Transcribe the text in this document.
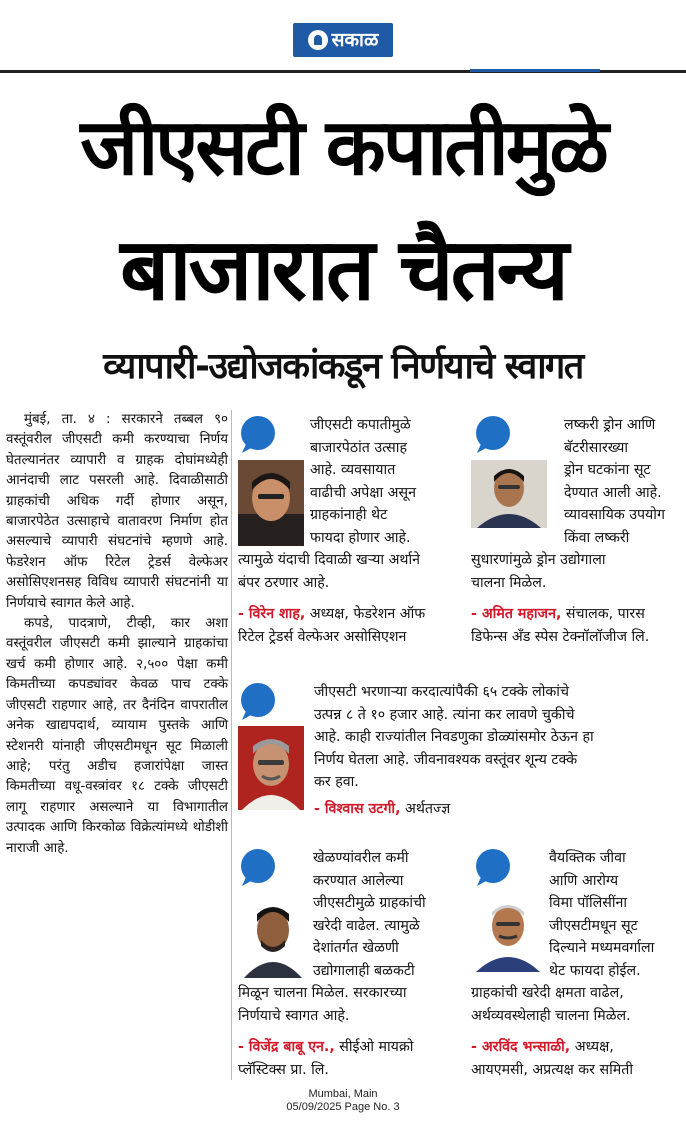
सकाळ
जीएसटी कपातीमुळे
बाजारात चैतन्य
व्यापारी-उद्योजकांकडून निर्णयाचे स्वागत

मुंबई, ता. ४ : सरकारने तब्बल ९० वस्तूंवरील जीएसटी कमी करण्याचा निर्णय घेतल्यानंतर व्यापारी व ग्राहक दोघांमध्येही आनंदाची लाट पसरली आहे. दिवाळीसाठी ग्राहकांची अधिक गर्दी होणार असून, बाजारपेठेत उत्साहाचे वातावरण निर्माण होत असल्याचे व्यापारी संघटनांचे म्हणणे आहे. फेडरेशन ऑफ रिटेल ट्रेडर्स वेल्फेअर असोसिएशनसह विविध व्यापारी संघटनांनी या निर्णयाचे स्वागत केले आहे.

कपडे, पादत्राणे, टीव्ही, कार अशा वस्तूंवरील जीएसटी कमी झाल्याने ग्राहकांचा खर्च कमी होणार आहे. २,५०० पेक्षा कमी किमतीच्या कपड्यांवर केवळ पाच टक्के जीएसटी राहणार आहे, तर दैनंदिन वापरातील अनेक खाद्यपदार्थ, व्यायाम पुस्तके आणि स्टेशनरी यांनाही जीएसटीमधून सूट मिळाली आहे; परंतु अडीच हजारांपेक्षा जास्त किमतीच्या वधू-वस्त्रांवर १८ टक्के जीएसटी लागू राहणार असल्याने या विभागातील उत्पादक आणि किरकोळ विक्रेत्यांमध्ये थोडीशी नाराजी आहे.

जीएसटी कपातीमुळे
बाजारपेठांत उत्साह
आहे. व्यवसायात
वाढीची अपेक्षा असून
ग्राहकांनाही थेट
फायदा होणार आहे.
त्यामुळे यंदाची दिवाळी खऱ्या अर्थाने
बंपर ठरणार आहे.
- विरेन शाह, अध्यक्ष, फेडरेशन ऑफ
रिटेल ट्रेडर्स वेल्फेअर असोसिएशन
लष्करी ड्रोन आणि
बॅटरीसारख्या
ड्रोन घटकांना सूट
देण्यात आली आहे.
व्यावसायिक उपयोग
किंवा लष्करी
सुधारणांमुळे ड्रोन उद्योगाला
चालना मिळेल.
- अमित महाजन, संचालक, पारस
डिफेन्स अँड स्पेस टेक्नॉलॉजीज लि.
जीएसटी भरणाऱ्या करदात्यांपैकी ६५ टक्के लोकांचे
उत्पन्न ८ ते १० हजार आहे. त्यांना कर लावणे चुकीचे
आहे. काही राज्यांतील निवडणुका डोळ्यांसमोर ठेऊन हा
निर्णय घेतला आहे. जीवनावश्यक वस्तूंवर शून्य टक्के
कर हवा.
- विश्वास उटगी, अर्थतज्ज्ञ
खेळण्यांवरील कमी
करण्यात आलेल्या
जीएसटीमुळे ग्राहकांची
खरेदी वाढेल. त्यामुळे
देशांतर्गत खेळणी
उद्योगालाही बळकटी
मिळून चालना मिळेल. सरकारच्या
निर्णयाचे स्वागत आहे.
- विजेंद्र बाबू एन., सीईओ मायक्रो
प्लॅस्टिक्स प्रा. लि.
वैयक्तिक जीवा
आणि आरोग्य
विमा पॉलिसींना
जीएसटीमधून सूट
दिल्याने मध्यमवर्गाला
थेट फायदा होईल.
ग्राहकांची खरेदी क्षमता वाढेल,
अर्थव्यवस्थेलाही चालना मिळेल.
- अरविंद भन्साळी, अध्यक्ष,
आयएमसी, अप्रत्यक्ष कर समिती
Mumbai, Main
05/09/2025 Page No. 3
